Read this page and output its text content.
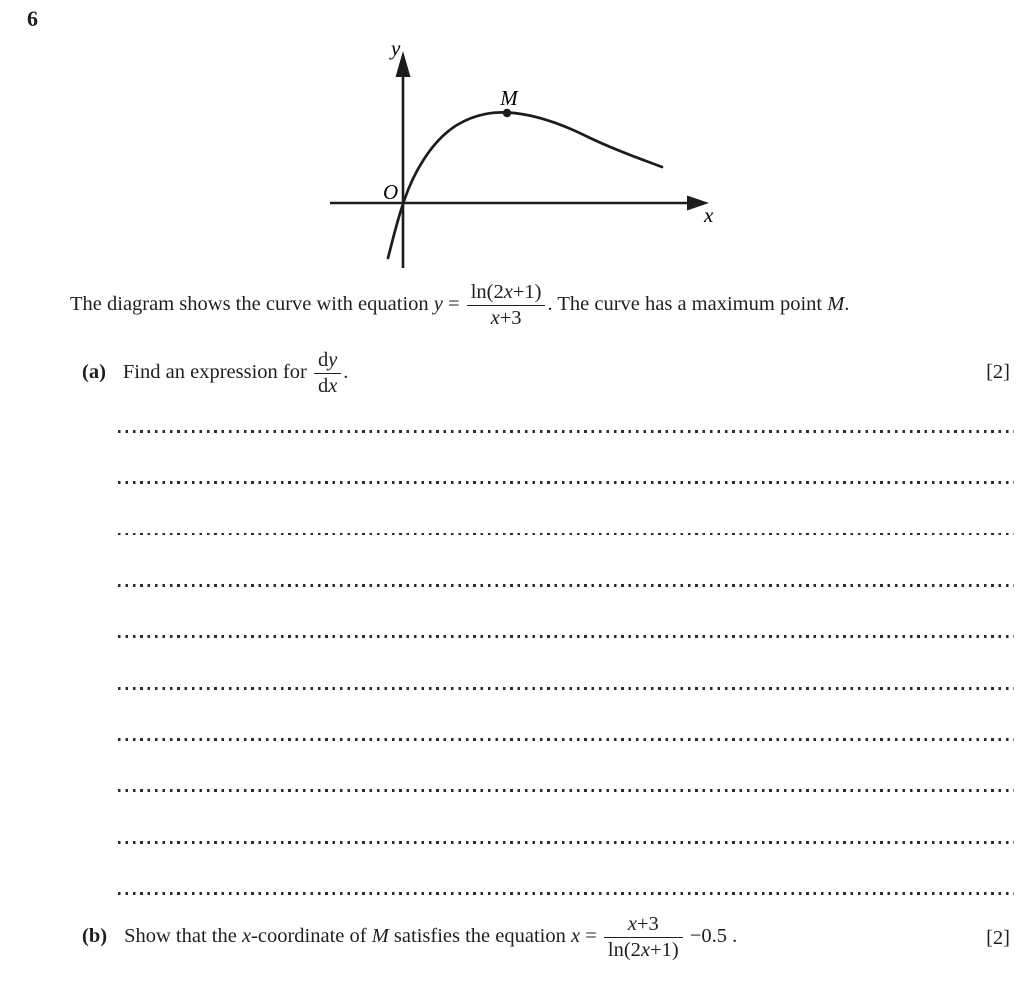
6
y
x
O
M
The diagram shows the curve with equation $y = \frac{\ln(2x+1)}{x+3}$ . The curve has a maximum point M.
(a) Find an expression for $\frac{dy}{dx}$ .	[2]
(b) Show that the x-coordinate of M satisfies the equation $x = \frac{x+3}{\ln(2x+1)} -0.5$ .	[2]
